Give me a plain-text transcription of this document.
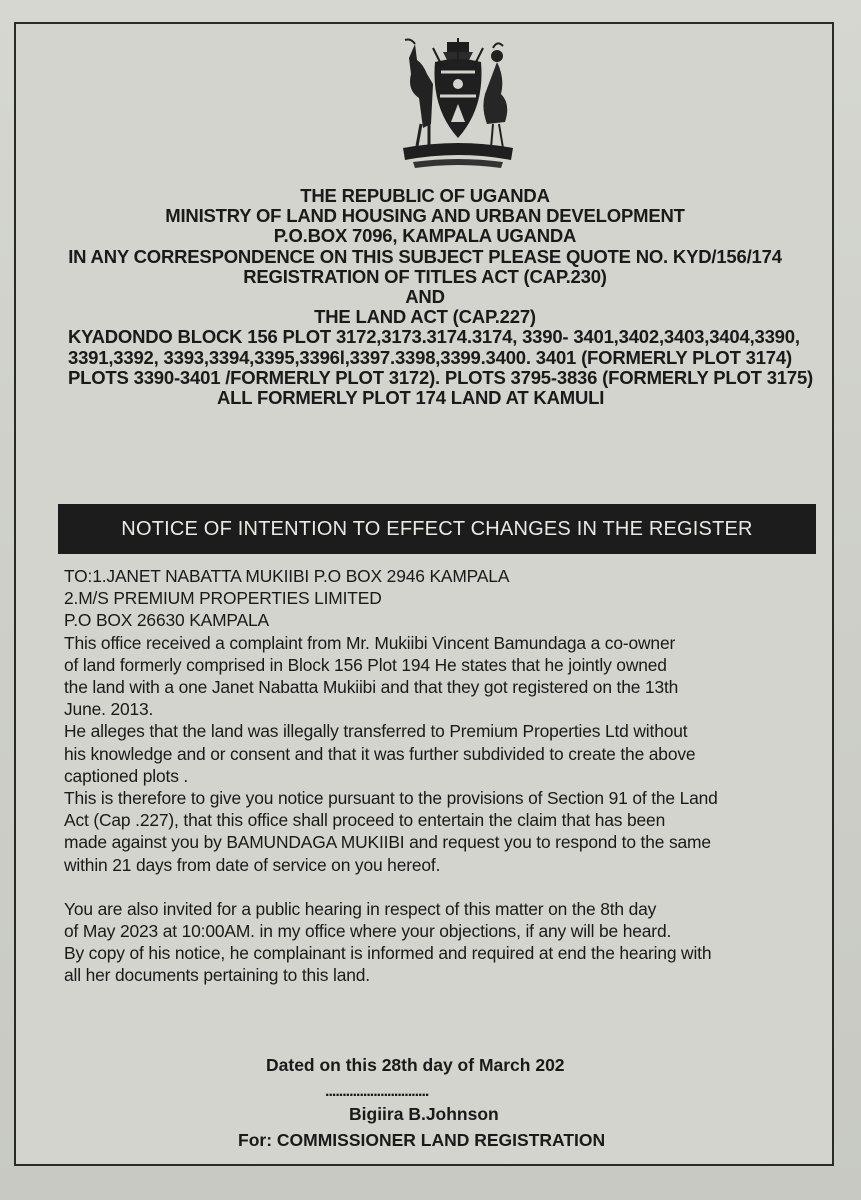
THE REPUBLIC OF UGANDA
MINISTRY OF LAND HOUSING AND URBAN DEVELOPMENT
P.O.BOX 7096, KAMPALA UGANDA
IN ANY CORRESPONDENCE ON THIS SUBJECT PLEASE QUOTE NO. KYD/156/174
REGISTRATION OF TITLES ACT (CAP.230)
AND
THE LAND ACT (CAP.227)
KYADONDO BLOCK 156 PLOT 3172,3173.3174.3174, 3390- 3401,3402,3403,3404,3390,
3391,3392, 3393,3394,3395,3396l,3397.3398,3399.3400. 3401 (FORMERLY PLOT 3174)
PLOTS 3390-3401 /FORMERLY PLOT 3172). PLOTS 3795-3836 (FORMERLY PLOT 3175)
ALL FORMERLY PLOT 174 LAND AT KAMULI
NOTICE OF INTENTION TO EFFECT CHANGES IN THE REGISTER

TO:1.JANET NABATTA MUKIIBI P.O BOX 2946 KAMPALA

2.M/S PREMIUM PROPERTIES LIMITED

P.O BOX 26630 KAMPALA

This office received a complaint from Mr. Mukiibi Vincent Bamundaga a co-owner

of land formerly comprised in Block 156 Plot 194 He states that he jointly owned

the land with a one Janet Nabatta Mukiibi and that they got registered on the 13th

June. 2013.

He alleges that the land was illegally transferred to Premium Properties Ltd without

his knowledge and or consent and that it was further subdivided to create the above

captioned plots .

This is therefore to give you notice pursuant to the provisions of Section 91 of the Land

Act (Cap .227), that this office shall proceed to entertain the claim that has been

made against you by BAMUNDAGA MUKIIBI and request you to respond to the same

within 21 days from date of service on you hereof.

You are also invited for a public hearing in respect of this matter on the 8th day

of May 2023 at 10:00AM. in my office where your objections, if any will be heard.

By copy of his notice, he complainant is informed and required at end the hearing with

all her documents pertaining to this land.

Dated on this 28th day of March 202
..............................
Bigiira B.Johnson
For: COMMISSIONER LAND REGISTRATION
